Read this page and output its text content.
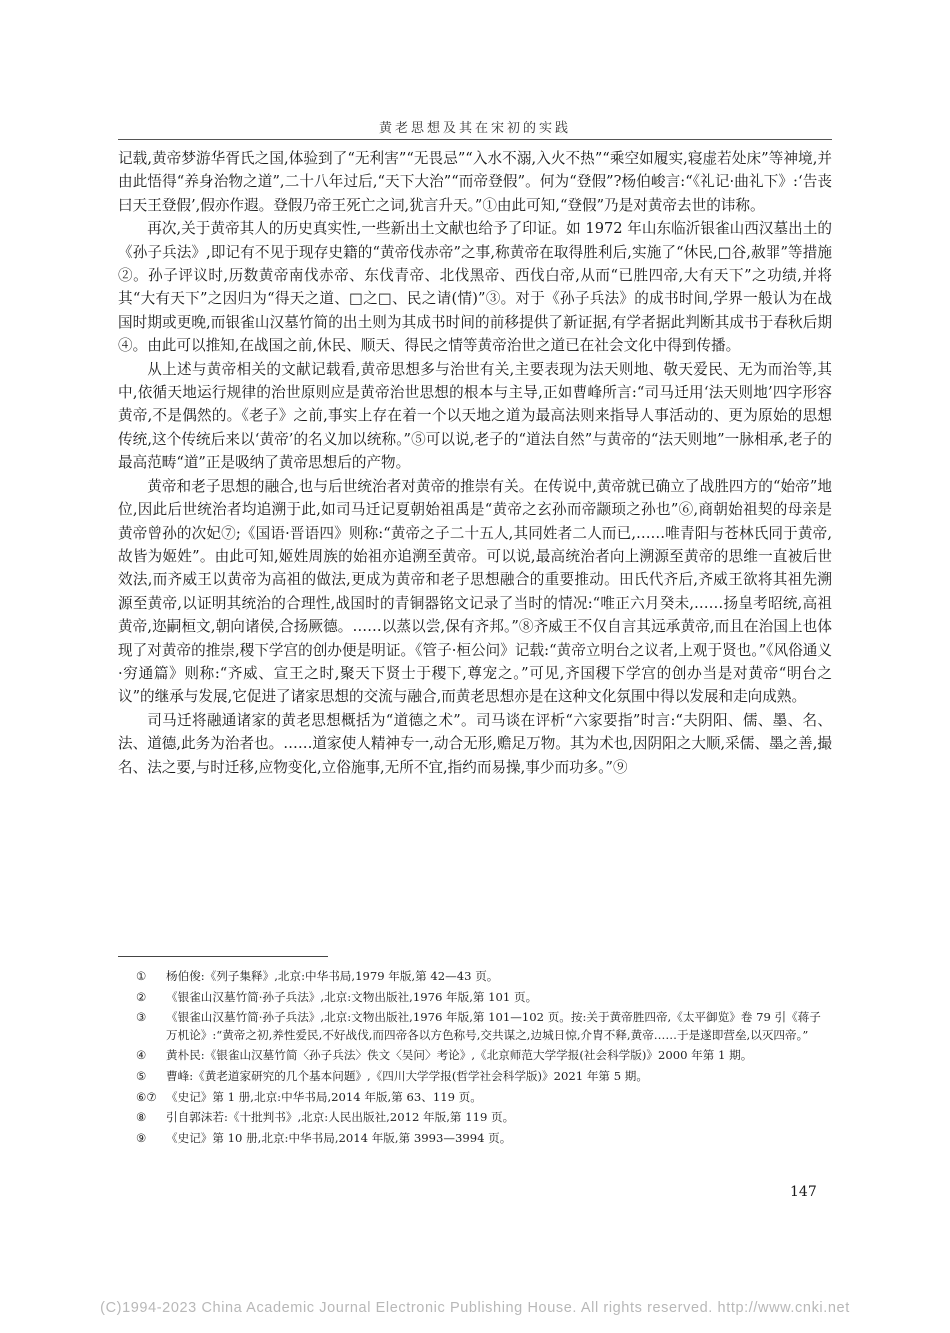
黄老思想及其在宋初的实践

记载,黄帝梦游华胥氏之国,体验到了“无利害”“无畏忌”“入水不溺,入火不热”“乘空如履实,寝虚若处床”等神境,并由此悟得“养身治物之道”,二十八年过后,“天下大治”“而帝登假”。何为“登假”?杨伯峻言:“《礼记·曲礼下》:‘告丧曰天王登假’,假亦作遐。登假乃帝王死亡之词,犹言升天。”①由此可知,“登假”乃是对黄帝去世的讳称。

再次,关于黄帝其人的历史真实性,一些新出土文献也给予了印证。如 1972 年山东临沂银雀山西汉墓出土的《孙子兵法》,即记有不见于现存史籍的“黄帝伐赤帝”之事,称黄帝在取得胜利后,实施了“休民,□谷,赦罪”等措施②。孙子评议时,历数黄帝南伐赤帝、东伐青帝、北伐黑帝、西伐白帝,从而“已胜四帝,大有天下”之功绩,并将其“大有天下”之因归为“得天之道、□之□、民之请(情)”③。对于《孙子兵法》的成书时间,学界一般认为在战国时期或更晚,而银雀山汉墓竹简的出土则为其成书时间的前移提供了新证据,有学者据此判断其成书于春秋后期④。由此可以推知,在战国之前,休民、顺天、得民之情等黄帝治世之道已在社会文化中得到传播。

从上述与黄帝相关的文献记载看,黄帝思想多与治世有关,主要表现为法天则地、敬天爱民、无为而治等,其中,依循天地运行规律的治世原则应是黄帝治世思想的根本与主导,正如曹峰所言:“司马迁用‘法天则地’四字形容黄帝,不是偶然的。《老子》之前,事实上存在着一个以天地之道为最高法则来指导人事活动的、更为原始的思想传统,这个传统后来以‘黄帝’的名义加以统称。”⑤可以说,老子的“道法自然”与黄帝的“法天则地”一脉相承,老子的最高范畴“道”正是吸纳了黄帝思想后的产物。

黄帝和老子思想的融合,也与后世统治者对黄帝的推崇有关。在传说中,黄帝就已确立了战胜四方的“始帝”地位,因此后世统治者均追溯于此,如司马迁记夏朝始祖禹是“黄帝之玄孙而帝颛顼之孙也”⑥,商朝始祖契的母亲是黄帝曾孙的次妃⑦;《国语·晋语四》则称:“黄帝之子二十五人,其同姓者二人而已,……唯青阳与苍林氏同于黄帝,故皆为姬姓”。由此可知,姬姓周族的始祖亦追溯至黄帝。可以说,最高统治者向上溯源至黄帝的思维一直被后世效法,而齐威王以黄帝为高祖的做法,更成为黄帝和老子思想融合的重要推动。田氏代齐后,齐威王欲将其祖先溯源至黄帝,以证明其统治的合理性,战国时的青铜器铭文记录了当时的情况:“唯正六月癸未,……扬皇考昭统,高祖黄帝,迩嗣桓文,朝向诸侯,合扬厥德。……以蒸以尝,保有齐邦。”⑧齐威王不仅自言其远承黄帝,而且在治国上也体现了对黄帝的推崇,稷下学宫的创办便是明证。《管子·桓公问》记载:“黄帝立明台之议者,上观于贤也。”《风俗通义·穷通篇》则称:“齐威、宣王之时,聚天下贤士于稷下,尊宠之。”可见,齐国稷下学宫的创办当是对黄帝“明台之议”的继承与发展,它促进了诸家思想的交流与融合,而黄老思想亦是在这种文化氛围中得以发展和走向成熟。

司马迁将融通诸家的黄老思想概括为“道德之术”。司马谈在评析“六家要指”时言:“夫阴阳、儒、墨、名、法、道德,此务为治者也。……道家使人精神专一,动合无形,赡足万物。其为术也,因阴阳之大顺,采儒、墨之善,撮名、法之要,与时迁移,应物变化,立俗施事,无所不宜,指约而易操,事少而功多。”⑨

①	杨伯俊:《列子集释》,北京:中华书局,1979 年版,第 42—43 页。
②	《银雀山汉墓竹简·孙子兵法》,北京:文物出版社,1976 年版,第 101 页。
③	《银雀山汉墓竹简·孙子兵法》,北京:文物出版社,1976 年版,第 101—102 页。按:关于黄帝胜四帝,《太平御览》卷 79 引《蒋子万机论》:“黄帝之初,养性爱民,不好战伐,而四帝各以方色称号,交共谋之,边城日惊,介胄不释,黄帝……于是遂即营垒,以灭四帝。”
④	黄朴民:《银雀山汉墓竹简〈孙子兵法〉佚文〈吴问〉考论》,《北京师范大学学报(社会科学版)》2000 年第 1 期。
⑤	曹峰:《黄老道家研究的几个基本问题》,《四川大学学报(哲学社会科学版)》2021 年第 5 期。
⑥⑦ 《史记》第 1 册,北京:中华书局,2014 年版,第 63、119 页。
⑧	引自郭沫若:《十批判书》,北京:人民出版社,2012 年版,第 119 页。
⑨	《史记》第 10 册,北京:中华书局,2014 年版,第 3993—3994 页。
147
(C)1994-2023 China Academic Journal Electronic Publishing House. All rights reserved. http://www.cnki.net
